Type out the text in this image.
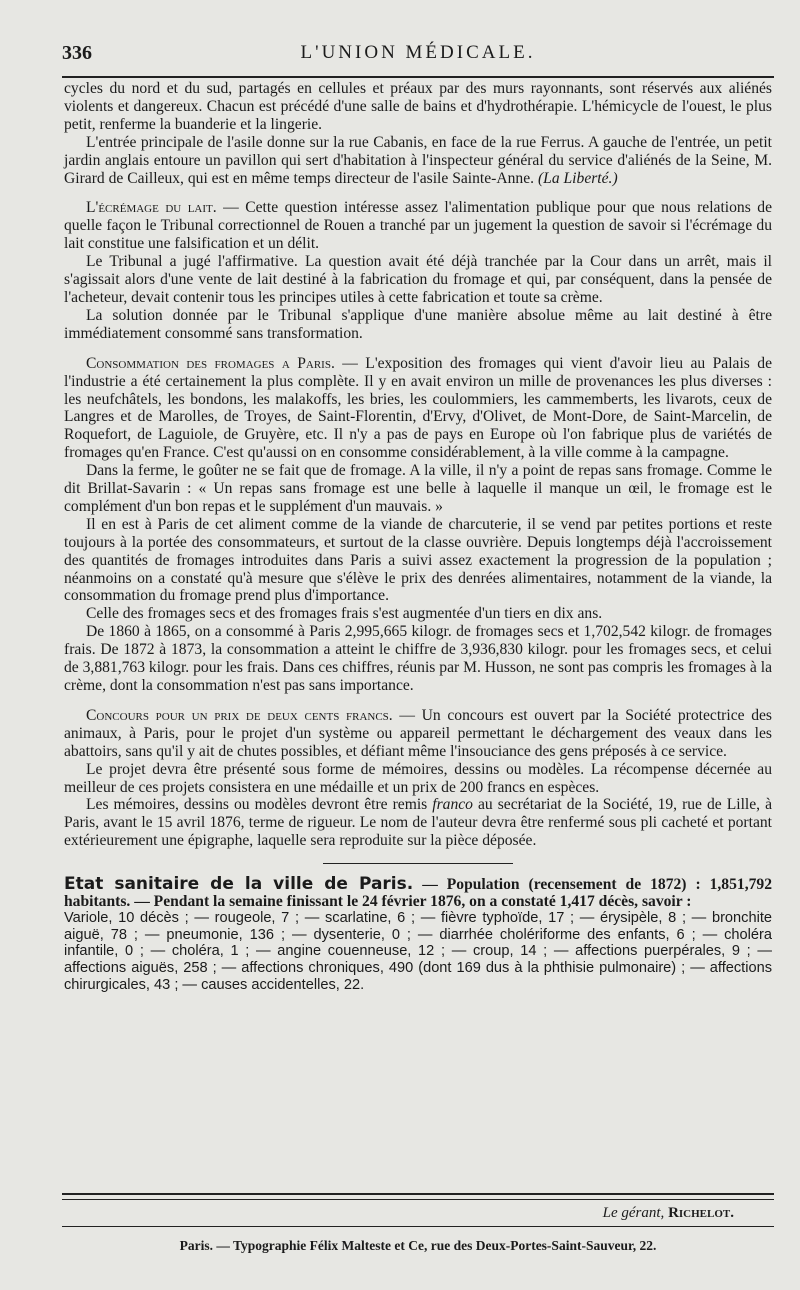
336	L'UNION MÉDICALE.

cycles du nord et du sud, partagés en cellules et préaux par des murs rayonnants, sont réservés aux aliénés violents et dangereux. Chacun est précédé d'une salle de bains et d'hydrothérapie. L'hémicycle de l'ouest, le plus petit, renferme la buanderie et la lingerie.

L'entrée principale de l'asile donne sur la rue Cabanis, en face de la rue Ferrus. A gauche de l'entrée, un petit jardin anglais entoure un pavillon qui sert d'habitation à l'inspecteur général du service d'aliénés de la Seine, M. Girard de Cailleux, qui est en même temps directeur de l'asile Sainte-Anne. (La Liberté.)

L'écrémage du lait. — Cette question intéresse assez l'alimentation publique pour que nous relations de quelle façon le Tribunal correctionnel de Rouen a tranché par un jugement la question de savoir si l'écrémage du lait constitue une falsification et un délit.

Le Tribunal a jugé l'affirmative. La question avait été déjà tranchée par la Cour dans un arrêt, mais il s'agissait alors d'une vente de lait destiné à la fabrication du fromage et qui, par conséquent, dans la pensée de l'acheteur, devait contenir tous les principes utiles à cette fabrication et toute sa crème.

La solution donnée par le Tribunal s'applique d'une manière absolue même au lait destiné à être immédiatement consommé sans transformation.

Consommation des fromages a Paris. — L'exposition des fromages qui vient d'avoir lieu au Palais de l'industrie a été certainement la plus complète. Il y en avait environ un mille de provenances les plus diverses : les neufchâtels, les bondons, les malakoffs, les bries, les coulommiers, les cammemberts, les livarots, ceux de Langres et de Marolles, de Troyes, de Saint-Florentin, d'Ervy, d'Olivet, de Mont-Dore, de Saint-Marcelin, de Roquefort, de Laguiole, de Gruyère, etc. Il n'y a pas de pays en Europe où l'on fabrique plus de variétés de fromages qu'en France. C'est qu'aussi on en consomme considérablement, à la ville comme à la campagne.

Dans la ferme, le goûter ne se fait que de fromage. A la ville, il n'y a point de repas sans fromage. Comme le dit Brillat-Savarin : « Un repas sans fromage est une belle à laquelle il manque un œil, le fromage est le complément d'un bon repas et le supplément d'un mauvais. »

Il en est à Paris de cet aliment comme de la viande de charcuterie, il se vend par petites portions et reste toujours à la portée des consommateurs, et surtout de la classe ouvrière. Depuis longtemps déjà l'accroissement des quantités de fromages introduites dans Paris a suivi assez exactement la progression de la population ; néanmoins on a constaté qu'à mesure que s'élève le prix des denrées alimentaires, notamment de la viande, la consommation du fromage prend plus d'importance.

Celle des fromages secs et des fromages frais s'est augmentée d'un tiers en dix ans.

De 1860 à 1865, on a consommé à Paris 2,995,665 kilogr. de fromages secs et 1,702,542 kilogr. de fromages frais. De 1872 à 1873, la consommation a atteint le chiffre de 3,936,830 kilogr. pour les fromages secs, et celui de 3,881,763 kilogr. pour les frais. Dans ces chiffres, réunis par M. Husson, ne sont pas compris les fromages à la crème, dont la consommation n'est pas sans importance.

Concours pour un prix de deux cents francs. — Un concours est ouvert par la Société protectrice des animaux, à Paris, pour le projet d'un système ou appareil permettant le déchargement des veaux dans les abattoirs, sans qu'il y ait de chutes possibles, et défiant même l'insouciance des gens préposés à ce service.

Le projet devra être présenté sous forme de mémoires, dessins ou modèles. La récompense décernée au meilleur de ces projets consistera en une médaille et un prix de 200 francs en espèces.

Les mémoires, dessins ou modèles devront être remis franco au secrétariat de la Société, 19, rue de Lille, à Paris, avant le 15 avril 1876, terme de rigueur. Le nom de l'auteur devra être renfermé sous pli cacheté et portant extérieurement une épigraphe, laquelle sera reproduite sur la pièce déposée.

Etat sanitaire de la ville de Paris. — Population (recensement de 1872) : 1,851,792 habitants. — Pendant la semaine finissant le 24 février 1876, on a constaté 1,417 décès, savoir :

Variole, 10 décès ; — rougeole, 7 ; — scarlatine, 6 ; — fièvre typhoïde, 17 ; — érysipèle, 8 ; — bronchite aiguë, 78 ; — pneumonie, 136 ; — dysenterie, 0 ; — diarrhée cholériforme des enfants, 6 ; — choléra infantile, 0 ; — choléra, 1 ; — angine couenneuse, 12 ; — croup, 14 ; — affections puerpérales, 9 ; — affections aiguës, 258 ; — affections chroniques, 490 (dont 169 dus à la phthisie pulmonaire) ; — affections chirurgicales, 43 ; — causes accidentelles, 22.

Le gérant, Richelot.
Paris. — Typographie Félix Malteste et Ce, rue des Deux-Portes-Saint-Sauveur, 22.
